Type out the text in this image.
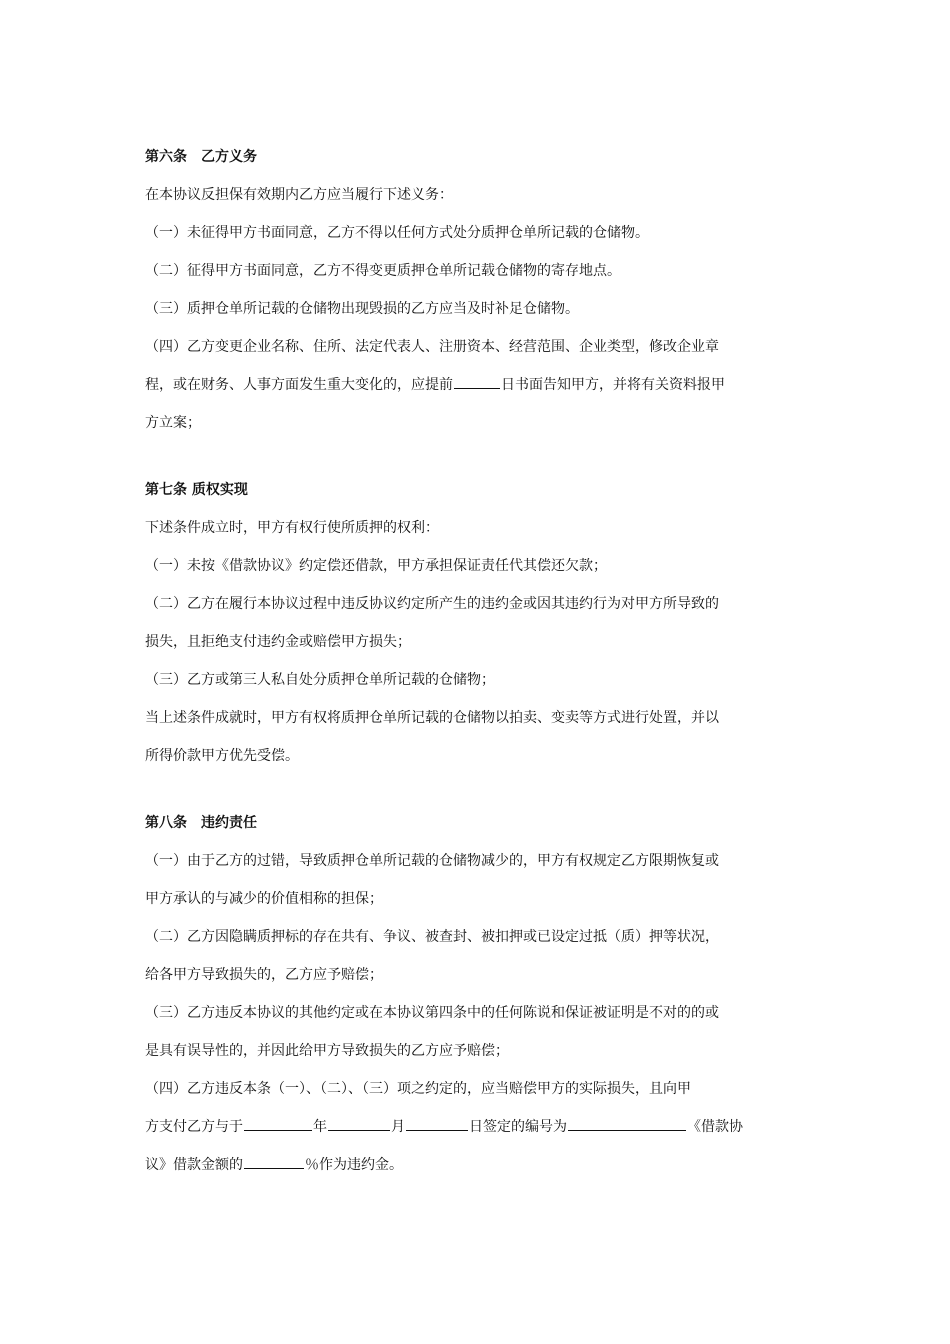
第六条　乙方义务

在本协议反担保有效期内乙方应当履行下述义务：

（一）未征得甲方书面同意，乙方不得以任何方式处分质押仓单所记载的仓储物。

（二）征得甲方书面同意，乙方不得变更质押仓单所记载仓储物的寄存地点。

（三）质押仓单所记载的仓储物出现毁损的乙方应当及时补足仓储物。

（四）乙方变更企业名称、住所、法定代表人、注册资本、经营范围、企业类型，修改企业章

程，或在财务、人事方面发生重大变化的，应提前	日书面告知甲方，并将有关资料报甲

方立案；

第七条 质权实现

下述条件成立时，甲方有权行使所质押的权利：

（一）未按《借款协议》约定偿还借款，甲方承担保证责任代其偿还欠款；

（二）乙方在履行本协议过程中违反协议约定所产生的违约金或因其违约行为对甲方所导致的

损失，且拒绝支付违约金或赔偿甲方损失；

（三）乙方或第三人私自处分质押仓单所记载的仓储物；

当上述条件成就时，甲方有权将质押仓单所记载的仓储物以拍卖、变卖等方式进行处置，并以

所得价款甲方优先受偿。

第八条　违约责任

（一）由于乙方的过错，导致质押仓单所记载的仓储物减少的，甲方有权规定乙方限期恢复或

甲方承认的与减少的价值相称的担保；

（二）乙方因隐瞒质押标的存在共有、争议、被查封、被扣押或已设定过抵（质）押等状况，

给各甲方导致损失的，乙方应予赔偿；

（三）乙方违反本协议的其他约定或在本协议第四条中的任何陈说和保证被证明是不对的的或

是具有误导性的，并因此给甲方导致损失的乙方应予赔偿；

（四）乙方违反本条（一）、（二）、（三）项之约定的，应当赔偿甲方的实际损失，且向甲

方支付乙方与于	年	月	日签定的编号为	《借款协

议》借款金额的	％作为违约金。
